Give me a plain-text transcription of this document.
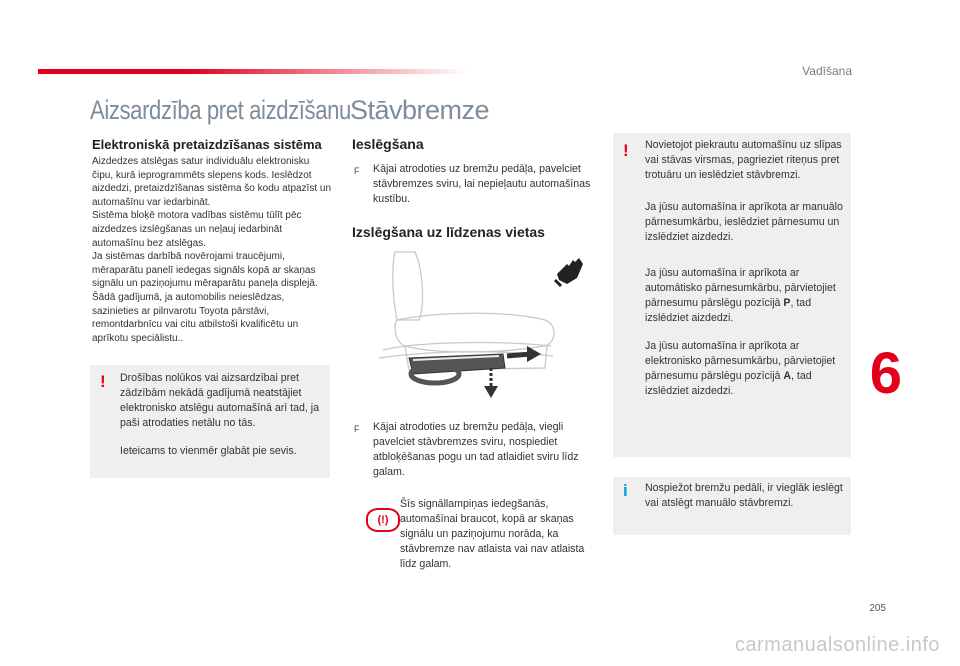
Vadīšana
Aizsardzība pret aizdzīšanu
Elektroniskā pretaizdzīšanas sistēma

Aizdedzes atslēgas satur individuālu elektronisku čipu, kurā ieprogrammēts slepens kods. Ieslēdzot aizdedzi, pretaizdzīšanas sistēma šo kodu atpazīst un automašīnu var iedarbināt.

Sistēma bloķē motora vadības sistēmu tūlīt pēc aizdedzes izslēgšanas un neļauj iedarbināt automašīnu bez atslēgas.

Ja sistēmas darbībā novērojami traucējumi, mēraparātu panelī iedegas signāls kopā ar skaņas signālu un paziņojumu mēraparātu paneļa displejā. Šādā gadījumā, ja automobilis neieslēdzas, sazinieties ar pilnvarotu Toyota pārstāvi, remontdarbnīcu vai citu atbilstoši kvalificētu un aprīkotu speciālistu..

! Drošības nolūkos vai aizsardzībai pret zādzībām nekādā gadījumā neatstājiet elektronisko atslēgu automašīnā arī tad, ja paši atrodaties netālu no tās.

Ieteicams to vienmēr glabāt pie sevis.

Stāvbremze
Ieslēgšana
F Kājai atrodoties uz bremžu pedāļa, pavelciet stāvbremzes sviru, lai nepieļautu automašīnas kustību.
Izslēgšana uz līdzenas vietas
F Kājai atrodoties uz bremžu pedāļa, viegli pavelciet stāvbremzes sviru, nospiediet atbloķēšanas pogu un tad atlaidiet sviru līdz galam.
(!)
Šīs signāllampiņas iedegšanās, automašīnai braucot, kopā ar skaņas signālu un paziņojumu norāda, ka stāvbremze nav atlaista vai nav atlaista līdz galam.
! Novietojot piekrautu automašīnu uz slīpas vai stāvas virsmas, pagrieziet riteņus pret trotuāru un ieslēdziet stāvbremzi.

Ja jūsu automašīna ir aprīkota ar manuālo pārnesumkārbu, ieslēdziet pārnesumu un izslēdziet aizdedzi.

Ja jūsu automašīna ir aprīkota ar automātisko pārnesumkārbu, pārvietojiet pārnesumu pārslēgu pozīcijā P, tad izslēdziet aizdedzi.

Ja jūsu automašīna ir aprīkota ar elektronisko pārnesumkārbu, pārvietojiet pārnesumu pārslēgu pozīcijā A, tad izslēdziet aizdedzi.

i Nospiežot bremžu pedāli, ir vieglāk ieslēgt vai atslēgt manuālo stāvbremzi.
6
205
carmanualsonline.info
